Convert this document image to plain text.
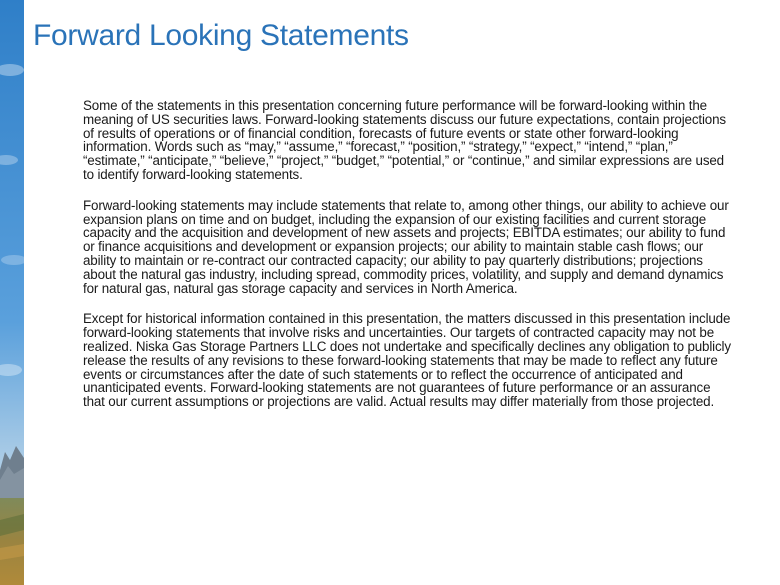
Forward Looking Statements

Some of the statements in this presentation concerning future performance will be forward-looking within the meaning of US securities laws. Forward-looking statements discuss our future expectations, contain projections of results of operations or of financial condition, forecasts of future events or state other forward-looking information. Words such as “may,” “assume,” “forecast,” “position,” “strategy,” “expect,” “intend,” “plan,” “estimate,” “anticipate,” “believe,” “project,” “budget,” “potential,” or “continue,” and similar expressions are used to identify forward-looking statements.

Forward-looking statements may include statements that relate to, among other things, our ability to achieve our expansion plans on time and on budget, including the expansion of our existing facilities and current storage capacity and the acquisition and development of new assets and projects; EBITDA estimates; our ability to fund or finance acquisitions and development or expansion projects; our ability to maintain stable cash flows; our ability to maintain or re-contract our contracted capacity; our ability to pay quarterly distributions; projections about the natural gas industry, including spread, commodity prices, volatility, and supply and demand dynamics for natural gas, natural gas storage capacity and services in North America.

Except for historical information contained in this presentation, the matters discussed in this presentation include forward-looking statements that involve risks and uncertainties. Our targets of contracted capacity may not be realized. Niska Gas Storage Partners LLC does not undertake and specifically declines any obligation to publicly release the results of any revisions to these forward-looking statements that may be made to reflect any future events or circumstances after the date of such statements or to reflect the occurrence of anticipated and unanticipated events. Forward-looking statements are not guarantees of future performance or an assurance that our current assumptions or projections are valid. Actual results may differ materially from those projected.
